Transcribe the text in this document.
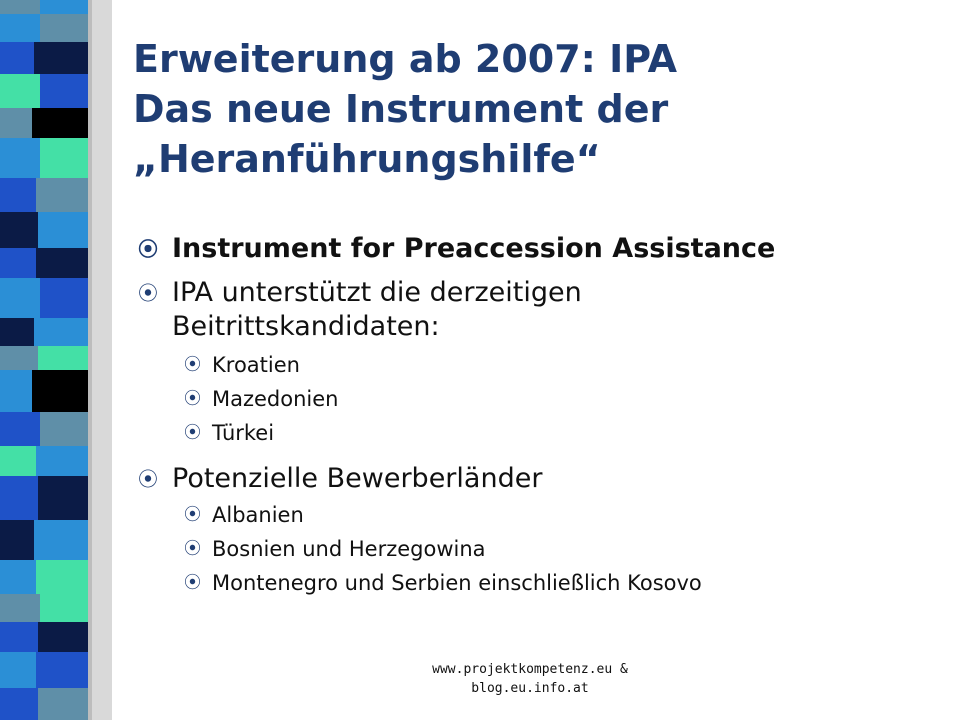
Erweiterung ab 2007: IPA
Das neue Instrument der
„Heranführungshilfe“
⦿ Instrument for Preaccession Assistance
⦿ IPA unterstützt die derzeitigen Beitrittskandidaten:
⦿ Kroatien
⦿ Mazedonien
⦿ Türkei
⦿ Potenzielle Bewerberländer
⦿ Albanien
⦿ Bosnien und Herzegowina
⦿ Montenegro und Serbien einschließlich Kosovo
www.projektkompetenz.eu &
blog.eu.info.at
